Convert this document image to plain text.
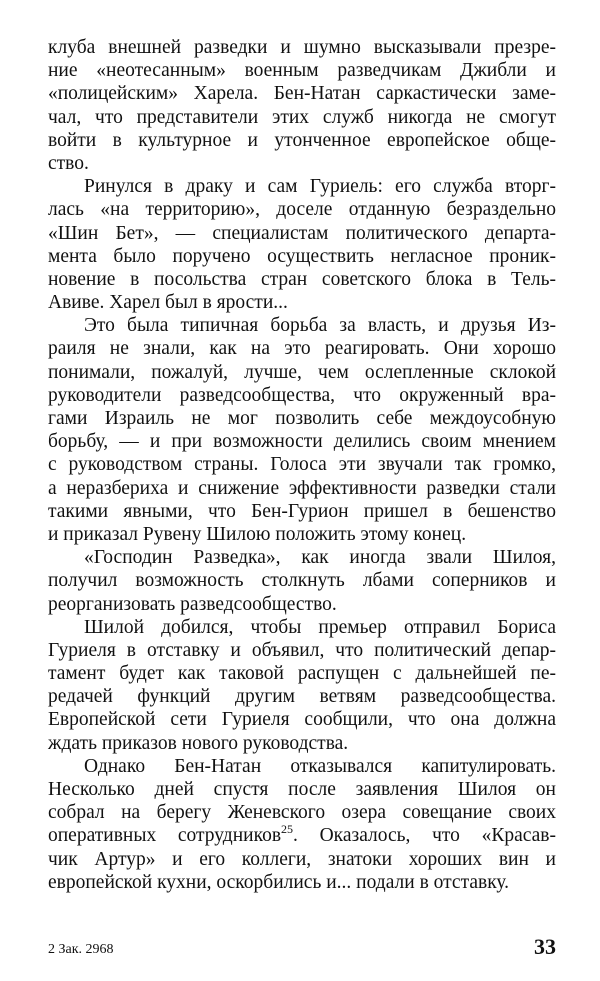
клуба внешней разведки и шумно высказывали презре-
ние «неотесанным» военным разведчикам Джибли и
«полицейским» Харела. Бен-Натан саркастически заме-
чал, что представители этих служб никогда не смогут
войти в культурное и утонченное европейское обще-
ство.
Ринулся в драку и сам Гуриель: его служба вторг-
лась «на территорию», доселе отданную безраздельно
«Шин Бет», — специалистам политического департа-
мента было поручено осуществить негласное проник-
новение в посольства стран советского блока в Тель-
Авиве. Харел был в ярости...
Это была типичная борьба за власть, и друзья Из-
раиля не знали, как на это реагировать. Они хорошо
понимали, пожалуй, лучше, чем ослепленные склокой
руководители разведсообщества, что окруженный вра-
гами Израиль не мог позволить себе междоусобную
борьбу, — и при возможности делились своим мнением
с руководством страны. Голоса эти звучали так громко,
а неразбериха и снижение эффективности разведки стали
такими явными, что Бен-Гурион пришел в бешенство
и приказал Рувену Шилою положить этому конец.
«Господин Разведка», как иногда звали Шилоя,
получил возможность столкнуть лбами соперников и
реорганизовать разведсообщество.
Шилой добился, чтобы премьер отправил Бориса
Гуриеля в отставку и объявил, что политический депар-
тамент будет как таковой распущен с дальнейшей пе-
редачей функций другим ветвям разведсообщества.
Европейской сети Гуриеля сообщили, что она должна
ждать приказов нового руководства.
Однако Бен-Натан отказывался капитулировать.
Несколько дней спустя после заявления Шилоя он
собрал на берегу Женевского озера совещание своих
оперативных сотрудников$^{25}$. Оказалось, что «Красав-
чик Артур» и его коллеги, знатоки хороших вин и
европейской кухни, оскорбились и... подали в отставку.
2 Зак. 2968	33
